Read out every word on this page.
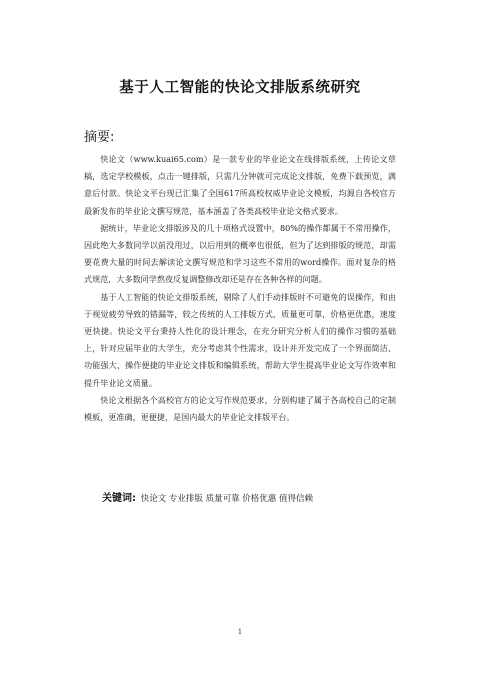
基于人工智能的快论文排版系统研究
摘要:

快论文（www.kuai65.com）是一款专业的毕业论文在线排版系统，上传论文草稿，选定学校模板，点击一键排版，只需几分钟就可完成论文排版，免费下载预览，满意后付款。快论文平台现已汇集了全国617所高校权威毕业论文模板，均源自各校官方最新发布的毕业论文撰写规范，基本涵盖了各类高校毕业论文格式要求。

据统计，毕业论文排版涉及的几十项格式设置中，80%的操作都属于不常用操作，因此绝大多数同学以前没用过，以后用到的概率也很低，但为了达到排版的规范，却需要花费大量的时间去解读论文撰写规范和学习这些不常用的word操作。面对复杂的格式规范，大多数同学熬夜反复调整修改却还是存在各种各样的问题。

基于人工智能的快论文排版系统，剔除了人们手动排版时不可避免的误操作，和由于视觉疲劳导致的错漏等，较之传统的人工排版方式，质量更可靠，价格更优惠，速度更快捷。快论文平台秉持人性化的设计理念，在充分研究分析人们的操作习惯的基础上，针对应届毕业的大学生，充分考虑其个性需求，设计并开发完成了一个界面简洁、功能强大、操作便捷的毕业论文排版和编辑系统，帮助大学生提高毕业论文写作效率和提升毕业论文质量。

快论文根据各个高校官方的论文写作规范要求，分别构建了属于各高校自己的定制模板，更准确，更便捷，是国内最大的毕业论文排版平台。

关键词: 快论文 专业排版 质量可靠 价格优惠 值得信赖
1
